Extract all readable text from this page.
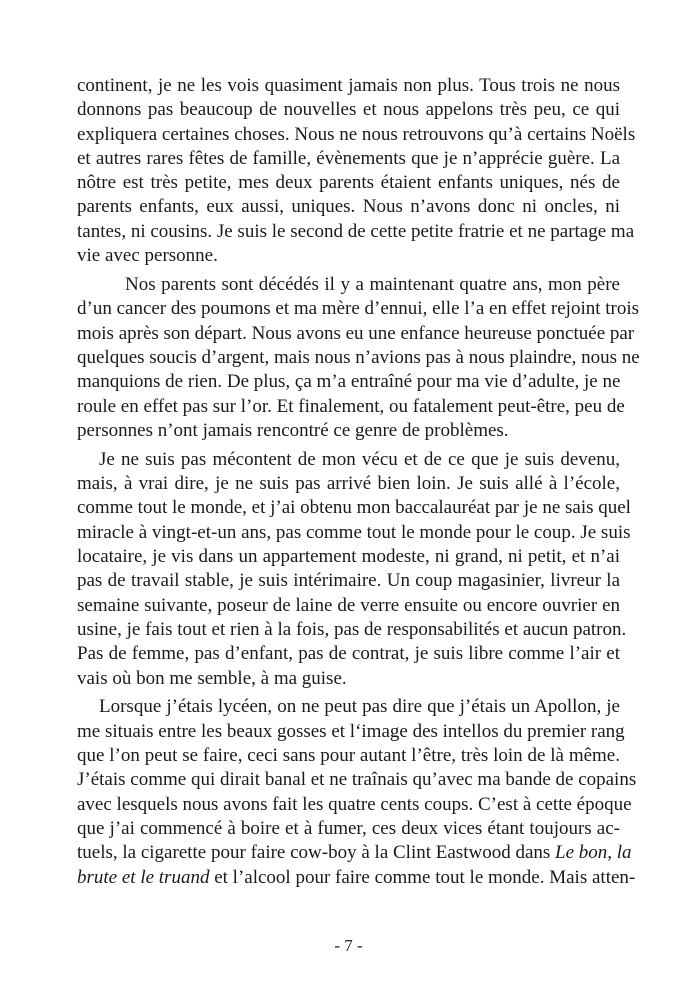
continent, je ne les vois quasiment jamais non plus. Tous trois ne nous
donnons pas beaucoup de nouvelles et nous appelons très peu, ce qui
expliquera certaines choses. Nous ne nous retrouvons qu’à certains Noëls
et autres rares fêtes de famille, évènements que je n’apprécie guère. La
nôtre est très petite, mes deux parents étaient enfants uniques, nés de
parents enfants, eux aussi, uniques. Nous n’avons donc ni oncles, ni
tantes, ni cousins. Je suis le second de cette petite fratrie et ne partage ma
vie avec personne.

Nos parents sont décédés il y a maintenant quatre ans, mon père
d’un cancer des poumons et ma mère d’ennui, elle l’a en effet rejoint trois
mois après son départ. Nous avons eu une enfance heureuse ponctuée par
quelques soucis d’argent, mais nous n’avions pas à nous plaindre, nous ne
manquions de rien. De plus, ça m’a entraîné pour ma vie d’adulte, je ne
roule en effet pas sur l’or. Et finalement, ou fatalement peut-être, peu de
personnes n’ont jamais rencontré ce genre de problèmes.

Je ne suis pas mécontent de mon vécu et de ce que je suis devenu,
mais, à vrai dire, je ne suis pas arrivé bien loin. Je suis allé à l’école,
comme tout le monde, et j’ai obtenu mon baccalauréat par je ne sais quel
miracle à vingt-et-un ans, pas comme tout le monde pour le coup. Je suis
locataire, je vis dans un appartement modeste, ni grand, ni petit, et n’ai
pas de travail stable, je suis intérimaire. Un coup magasinier, livreur la
semaine suivante, poseur de laine de verre ensuite ou encore ouvrier en
usine, je fais tout et rien à la fois, pas de responsabilités et aucun patron.
Pas de femme, pas d’enfant, pas de contrat, je suis libre comme l’air et
vais où bon me semble, à ma guise.

Lorsque j’étais lycéen, on ne peut pas dire que j’étais un Apollon, je
me situais entre les beaux gosses et l‘image des intellos du premier rang
que l’on peut se faire, ceci sans pour autant l’être, très loin de là même.
J’étais comme qui dirait banal et ne traînais qu’avec ma bande de copains
avec lesquels nous avons fait les quatre cents coups. C’est à cette époque
que j’ai commencé à boire et à fumer, ces deux vices étant toujours ac-
tuels, la cigarette pour faire cow-boy à la Clint Eastwood dans Le bon, la
brute et le truand et l’alcool pour faire comme tout le monde. Mais atten-

- 7 -
